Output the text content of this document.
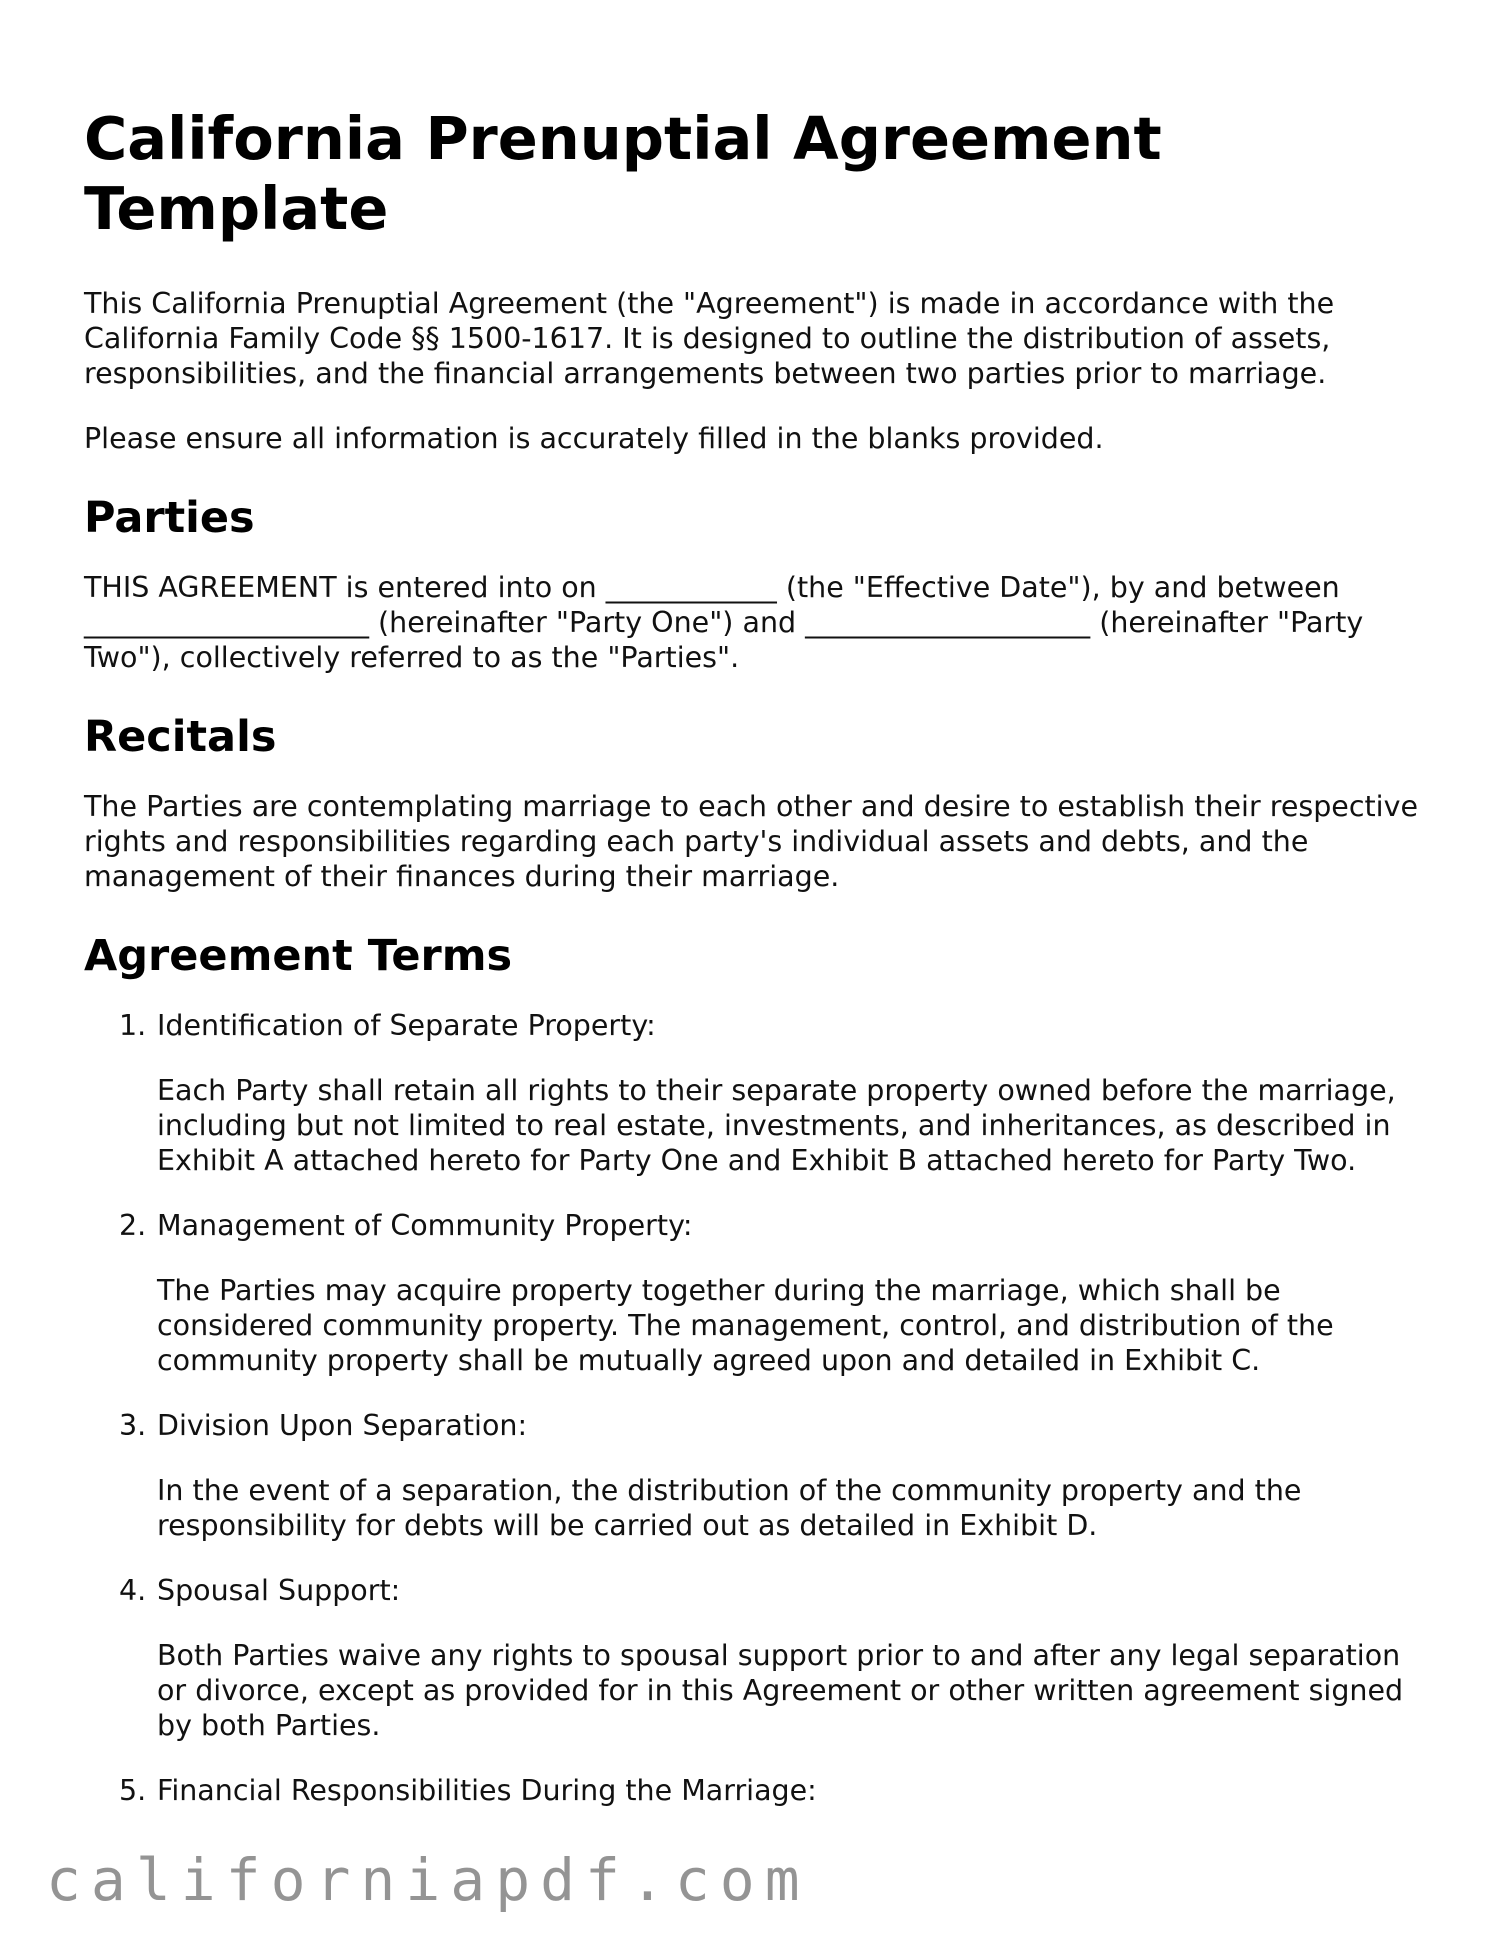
California Prenuptial Agreement Template

This California Prenuptial Agreement (the "Agreement") is made in accordance with the California Family Code §§ 1500-1617. It is designed to outline the distribution of assets, responsibilities, and the financial arrangements between two parties prior to marriage.

Please ensure all information is accurately filled in the blanks provided.

Parties

THIS AGREEMENT is entered into on ____________ (the "Effective Date"), by and between ____________________ (hereinafter "Party One") and ____________________ (hereinafter "Party Two"), collectively referred to as the "Parties".

Recitals

The Parties are contemplating marriage to each other and desire to establish their respective rights and responsibilities regarding each party's individual assets and debts, and the management of their finances during their marriage.

Agreement Terms
1. Identification of Separate Property:
Each Party shall retain all rights to their separate property owned before the marriage, including but not limited to real estate, investments, and inheritances, as described in Exhibit A attached hereto for Party One and Exhibit B attached hereto for Party Two.
2. Management of Community Property:
The Parties may acquire property together during the marriage, which shall be considered community property. The management, control, and distribution of the community property shall be mutually agreed upon and detailed in Exhibit C.
3. Division Upon Separation:
In the event of a separation, the distribution of the community property and the responsibility for debts will be carried out as detailed in Exhibit D.
4. Spousal Support:
Both Parties waive any rights to spousal support prior to and after any legal separation or divorce, except as provided for in this Agreement or other written agreement signed by both Parties.
5. Financial Responsibilities During the Marriage:
californiapdf.com
